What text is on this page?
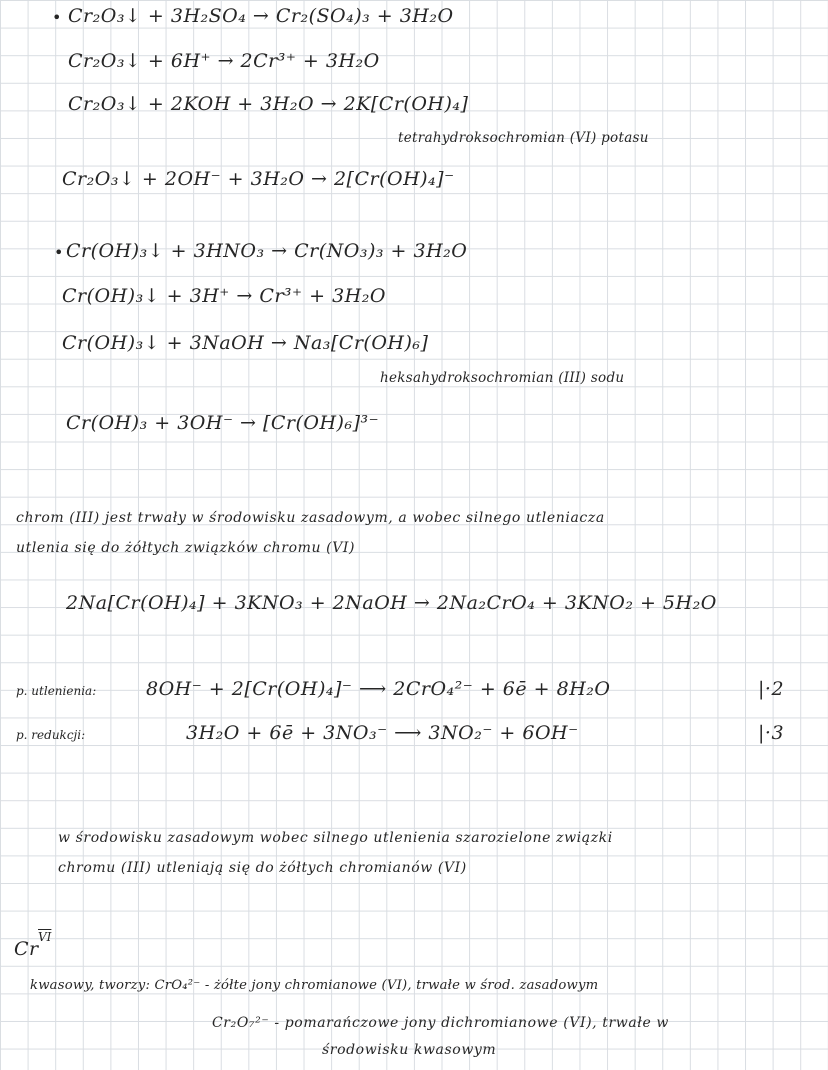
• Cr₂O₃↓ + 3H₂SO₄ → Cr₂(SO₄)₃ + 3H₂O
Cr₂O₃↓ + 6H⁺ → 2Cr³⁺ + 3H₂O
Cr₂O₃↓ + 2KOH + 3H₂O → 2K[Cr(OH)₄]
tetrahydroksochromian (VI) potasu
Cr₂O₃↓ + 2OH⁻ + 3H₂O → 2[Cr(OH)₄]⁻
• Cr(OH)₃↓ + 3HNO₃ → Cr(NO₃)₃ + 3H₂O
Cr(OH)₃↓ + 3H⁺ → Cr³⁺ + 3H₂O
Cr(OH)₃↓ + 3NaOH → Na₃[Cr(OH)₆]
heksahydroksochromian (III) sodu
Cr(OH)₃ + 3OH⁻ → [Cr(OH)₆]³⁻
chrom (III) jest trwały w środowisku zasadowym, a wobec silnego utleniacza
utlenia się do żółtych związków chromu (VI)
2Na[Cr(OH)₄] + 3KNO₃ + 2NaOH → 2Na₂CrO₄ + 3KNO₂ + 5H₂O
p. utlenienia:	8OH⁻ + 2[Cr(OH)₄]⁻ ⟶ 2CrO₄²⁻ + 6ē + 8H₂O	|·2
p. redukcji:	3H₂O + 6ē + 3NO₃⁻ ⟶ 3NO₂⁻ + 6OH⁻	|·3
w środowisku zasadowym wobec silnego utlenienia szarozielone związki
chromu (III) utleniają się do żółtych chromianów (VI)
Cr
$\overline{VI}$
kwasowy, tworzy: CrO₄²⁻ - żółte jony chromianowe (VI), trwałe w środ. zasadowym
Cr₂O₇²⁻ - pomarańczowe jony dichromianowe (VI), trwałe w
środowisku kwasowym
